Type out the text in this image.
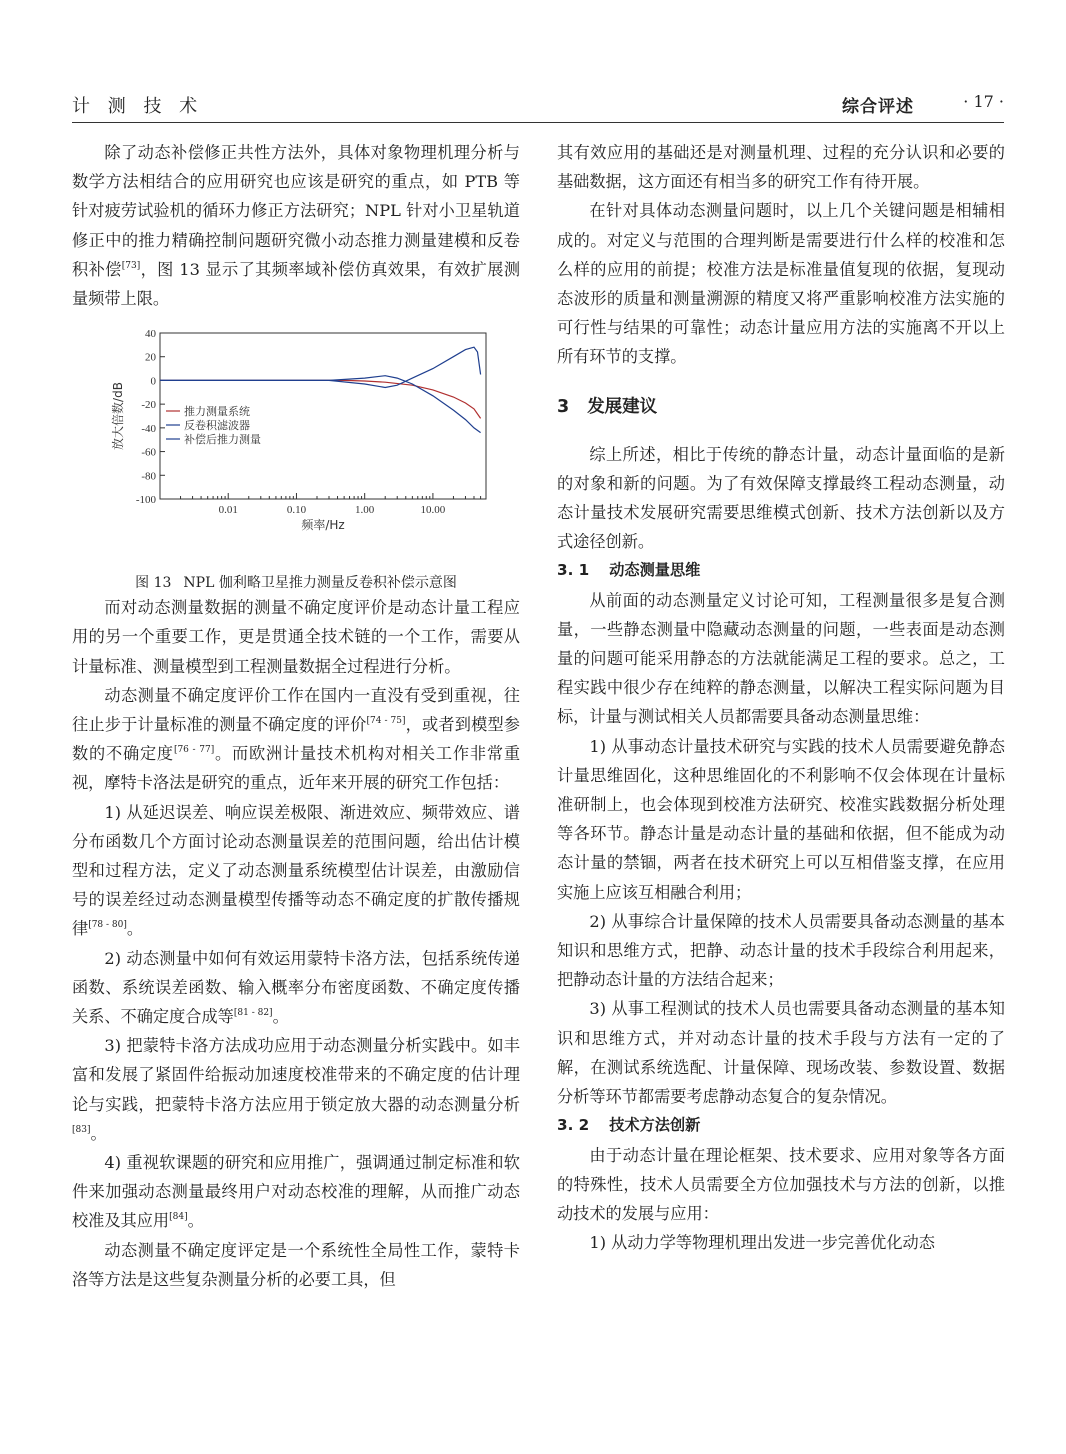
计 测 技 术	综合评述	· 17 ·

除了动态补偿修正共性方法外，具体对象物理机理分析与数学方法相结合的应用研究也应该是研究的重点，如 PTB 等针对疲劳试验机的循环力修正方法研究；NPL 针对小卫星轨道修正中的推力精确控制问题研究微小动态推力测量建模和反卷积补偿[73]，图 13 显示了其频率域补偿仿真效果，有效扩展测量频带上限。

40
20
0
-20
-40
-60
-80
-100
0.01	0.10	1.00	10.00
频率/Hz
放大倍数/dB	推力测量系统
反卷积滤波器
补偿后推力测量

图 13 NPL 伽利略卫星推力测量反卷积补偿示意图

而对动态测量数据的测量不确定度评价是动态计量工程应用的另一个重要工作，更是贯通全技术链的一个工作，需要从计量标准、测量模型到工程测量数据全过程进行分析。

动态测量不确定度评价工作在国内一直没有受到重视，往往止步于计量标准的测量不确定度的评价[74 - 75]，或者到模型参数的不确定度[76 - 77]。而欧洲计量技术机构对相关工作非常重视，摩特卡洛法是研究的重点，近年来开展的研究工作包括：

1) 从延迟误差、响应误差极限、渐进效应、频带效应、谱分布函数几个方面讨论动态测量误差的范围问题，给出估计模型和过程方法，定义了动态测量系统模型估计误差，由激励信号的误差经过动态测量模型传播等动态不确定度的扩散传播规律[78 - 80]。

2) 动态测量中如何有效运用蒙特卡洛方法，包括系统传递函数、系统误差函数、输入概率分布密度函数、不确定度传播关系、不确定度合成等[81 - 82]。

3) 把蒙特卡洛方法成功应用于动态测量分析实践中。如丰富和发展了紧固件给振动加速度校准带来的不确定度的估计理论与实践，把蒙特卡洛方法应用于锁定放大器的动态测量分析[83]。

4) 重视软课题的研究和应用推广，强调通过制定标准和软件来加强动态测量最终用户对动态校准的理解，从而推广动态校准及其应用[84]。

动态测量不确定度评定是一个系统性全局性工作，蒙特卡洛等方法是这些复杂测量分析的必要工具，但

其有效应用的基础还是对测量机理、过程的充分认识和必要的基础数据，这方面还有相当多的研究工作有待开展。

在针对具体动态测量问题时，以上几个关键问题是相辅相成的。对定义与范围的合理判断是需要进行什么样的校准和怎么样的应用的前提；校准方法是标准量值复现的依据，复现动态波形的质量和测量溯源的精度又将严重影响校准方法实施的可行性与结果的可靠性；动态计量应用方法的实施离不开以上所有环节的支撑。

3 发展建议

综上所述，相比于传统的静态计量，动态计量面临的是新的对象和新的问题。为了有效保障支撑最终工程动态测量，动态计量技术发展研究需要思维模式创新、技术方法创新以及方式途径创新。

3. 1 动态测量思维

从前面的动态测量定义讨论可知，工程测量很多是复合测量，一些静态测量中隐藏动态测量的问题，一些表面是动态测量的问题可能采用静态的方法就能满足工程的要求。总之，工程实践中很少存在纯粹的静态测量，以解决工程实际问题为目标，计量与测试相关人员都需要具备动态测量思维：

1) 从事动态计量技术研究与实践的技术人员需要避免静态计量思维固化，这种思维固化的不利影响不仅会体现在计量标准研制上，也会体现到校准方法研究、校准实践数据分析处理等各环节。静态计量是动态计量的基础和依据，但不能成为动态计量的禁锢，两者在技术研究上可以互相借鉴支撑，在应用实施上应该互相融合利用；

2) 从事综合计量保障的技术人员需要具备动态测量的基本知识和思维方式，把静、动态计量的技术手段综合利用起来，把静动态计量的方法结合起来；

3) 从事工程测试的技术人员也需要具备动态测量的基本知识和思维方式，并对动态计量的技术手段与方法有一定的了解，在测试系统选配、计量保障、现场改装、参数设置、数据分析等环节都需要考虑静动态复合的复杂情况。

3. 2 技术方法创新

由于动态计量在理论框架、技术要求、应用对象等各方面的特殊性，技术人员需要全方位加强技术与方法的创新，以推动技术的发展与应用：

1) 从动力学等物理机理出发进一步完善优化动态
